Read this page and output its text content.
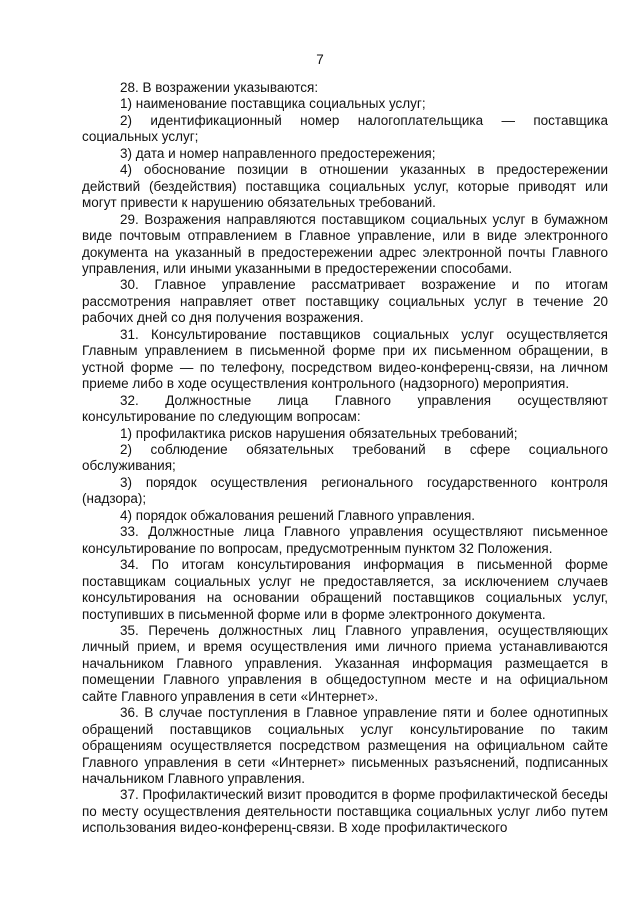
7

28. В возражении указываются:

1) наименование поставщика социальных услуг;

2) идентификационный номер налогоплательщика — поставщика социальных услуг;

3) дата и номер направленного предостережения;

4) обоснование позиции в отношении указанных в предостережении действий (бездействия) поставщика социальных услуг, которые приводят или могут привести к нарушению обязательных требований.

29. Возражения направляются поставщиком социальных услуг в бумажном виде почтовым отправлением в Главное управление, или в виде электронного документа на указанный в предостережении адрес электронной почты Главного управления, или иными указанными в предостережении способами.

30. Главное управление рассматривает возражение и по итогам рассмотрения направляет ответ поставщику социальных услуг в течение 20 рабочих дней со дня получения возражения.

31. Консультирование поставщиков социальных услуг осуществляется Главным управлением в письменной форме при их письменном обращении, в устной форме — по телефону, посредством видео-конференц-связи, на личном приеме либо в ходе осуществления контрольного (надзорного) мероприятия.

32. Должностные лица Главного управления осуществляют консультирование по следующим вопросам:

1) профилактика рисков нарушения обязательных требований;

2) соблюдение обязательных требований в сфере социального обслуживания;

3) порядок осуществления регионального государственного контроля (надзора);

4) порядок обжалования решений Главного управления.

33. Должностные лица Главного управления осуществляют письменное консультирование по вопросам, предусмотренным пунктом 32 Положения.

34. По итогам консультирования информация в письменной форме поставщикам социальных услуг не предоставляется, за исключением случаев консультирования на основании обращений поставщиков социальных услуг, поступивших в письменной форме или в форме электронного документа.

35. Перечень должностных лиц Главного управления, осуществляющих личный прием, и время осуществления ими личного приема устанавливаются начальником Главного управления. Указанная информация размещается в помещении Главного управления в общедоступном месте и на официальном сайте Главного управления в сети «Интернет».

36. В случае поступления в Главное управление пяти и более однотипных обращений поставщиков социальных услуг консультирование по таким обращениям осуществляется посредством размещения на официальном сайте Главного управления в сети «Интернет» письменных разъяснений, подписанных начальником Главного управления.

37. Профилактический визит проводится в форме профилактической беседы по месту осуществления деятельности поставщика социальных услуг либо путем использования видео-конференц-связи. В ходе профилактического
